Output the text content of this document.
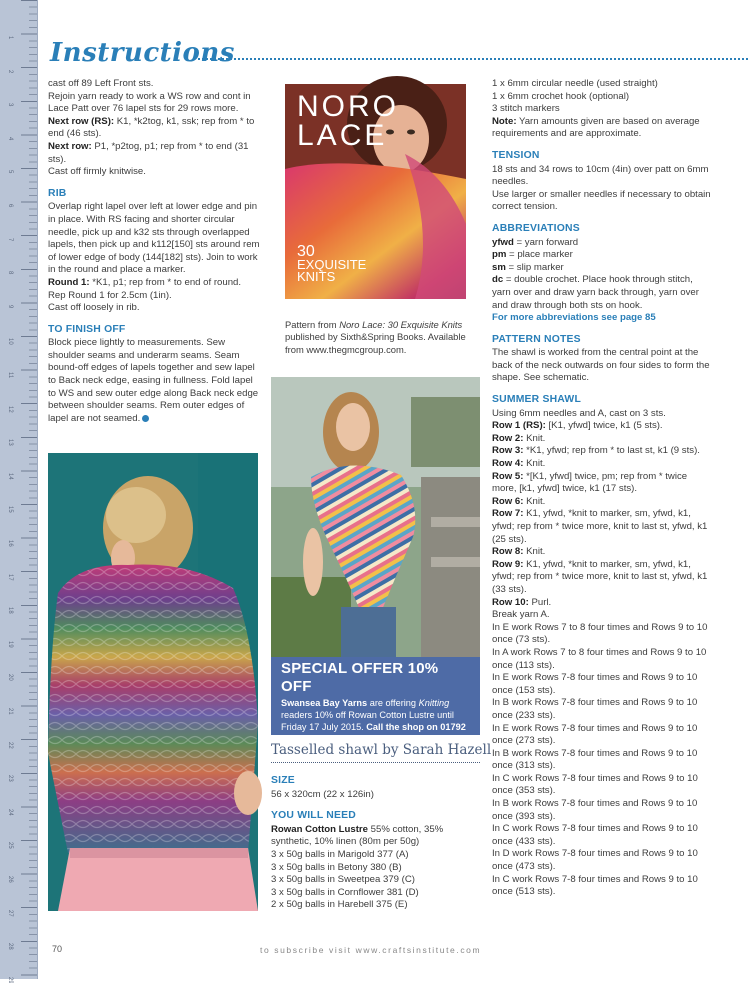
1
2
3
4
5
6
7
8
9
10
11
12
13
14
15
16
17
18
19
20
21
22
23
24
25
26
27
28
29
Instructions

cast off 89 Left Front sts.

Rejoin yarn ready to work a WS row and cont in Lace Patt over 76 lapel sts for 29 rows more.

Next row (RS): K1, *k2tog, k1, ssk; rep from * to end (46 sts).

Next row: P1, *p2tog, p1; rep from * to end (31 sts).

Cast off firmly knitwise.

RIB

Overlap right lapel over left at lower edge and pin in place. With RS facing and shorter circular needle, pick up and k32 sts through overlapped lapels, then pick up and k112[150] sts around rem of lower edge of body (144[182] sts). Join to work in the round and place a marker.

Round 1: *K1, p1; rep from * to end of round.

Rep Round 1 for 2.5cm (1in).

Cast off loosely in rib.

TO FINISH OFF

Block piece lightly to measurements. Sew shoulder seams and underarm seams. Seam bound-off edges of lapels together and sew lapel to Back neck edge, easing in fullness. Fold lapel to WS and sew outer edge along Back neck edge between shoulder seams. Rem outer edges of lapel are not seamed.

NORO
LACE
30
EXQUISITE
KNITS
Pattern from Noro Lace: 30 Exquisite Knits published by Sixth&Spring Books. Available from www.thegmcgroup.com.
SPECIAL OFFER 10% OFF
Swansea Bay Yarns are offering Knitting readers 10% off Rowan Cotton Lustre until Friday 17 July 2015. Call the shop on 01792 469171 to receive your discount.
Tasselled shawl by Sarah Hazell
SIZE

56 x 320cm (22 x 126in)

YOU WILL NEED

Rowan Cotton Lustre 55% cotton, 35% synthetic, 10% linen (80m per 50g)

3 x 50g balls in Marigold 377 (A)

3 x 50g balls in Betony 380 (B)

3 x 50g balls in Sweetpea 379 (C)

3 x 50g balls in Cornflower 381 (D)

2 x 50g balls in Harebell 375 (E)

1 x 6mm circular needle (used straight)

1 x 6mm crochet hook (optional)

3 stitch markers

Note: Yarn amounts given are based on average requirements and are approximate.

TENSION

18 sts and 34 rows to 10cm (4in) over patt on 6mm needles.

Use larger or smaller needles if necessary to obtain correct tension.

ABBREVIATIONS

yfwd = yarn forward

pm = place marker

sm = slip marker

dc = double crochet. Place hook through stitch, yarn over and draw yarn back through, yarn over and draw through both sts on hook.

For more abbreviations see page 85

PATTERN NOTES

The shawl is worked from the central point at the back of the neck outwards on four sides to form the shape. See schematic.

SUMMER SHAWL

Using 6mm needles and A, cast on 3 sts.

Row 1 (RS): [K1, yfwd] twice, k1 (5 sts).

Row 2: Knit.

Row 3: *K1, yfwd; rep from * to last st, k1 (9 sts).

Row 4: Knit.

Row 5: *[K1, yfwd] twice, pm; rep from * twice more, [k1, yfwd] twice, k1 (17 sts).

Row 6: Knit.

Row 7: K1, yfwd, *knit to marker, sm, yfwd, k1, yfwd; rep from * twice more, knit to last st, yfwd, k1 (25 sts).

Row 8: Knit.

Row 9: K1, yfwd, *knit to marker, sm, yfwd, k1, yfwd; rep from * twice more, knit to last st, yfwd, k1 (33 sts).

Row 10: Purl.

Break yarn A.

In E work Rows 7 to 8 four times and Rows 9 to 10 once (73 sts).

In A work Rows 7 to 8 four times and Rows 9 to 10 once (113 sts).

In E work Rows 7-8 four times and Rows 9 to 10 once (153 sts).

In B work Rows 7-8 four times and Rows 9 to 10 once (233 sts).

In E work Rows 7-8 four times and Rows 9 to 10 once (273 sts).

In B work Rows 7-8 four times and Rows 9 to 10 once (313 sts).

In C work Rows 7-8 four times and Rows 9 to 10 once (353 sts).

In B work Rows 7-8 four times and Rows 9 to 10 once (393 sts).

In C work Rows 7-8 four times and Rows 9 to 10 once (433 sts).

In D work Rows 7-8 four times and Rows 9 to 10 once (473 sts).

In C work Rows 7-8 four times and Rows 9 to 10 once (513 sts).

70	to subscribe visit www.craftsinstitute.com
